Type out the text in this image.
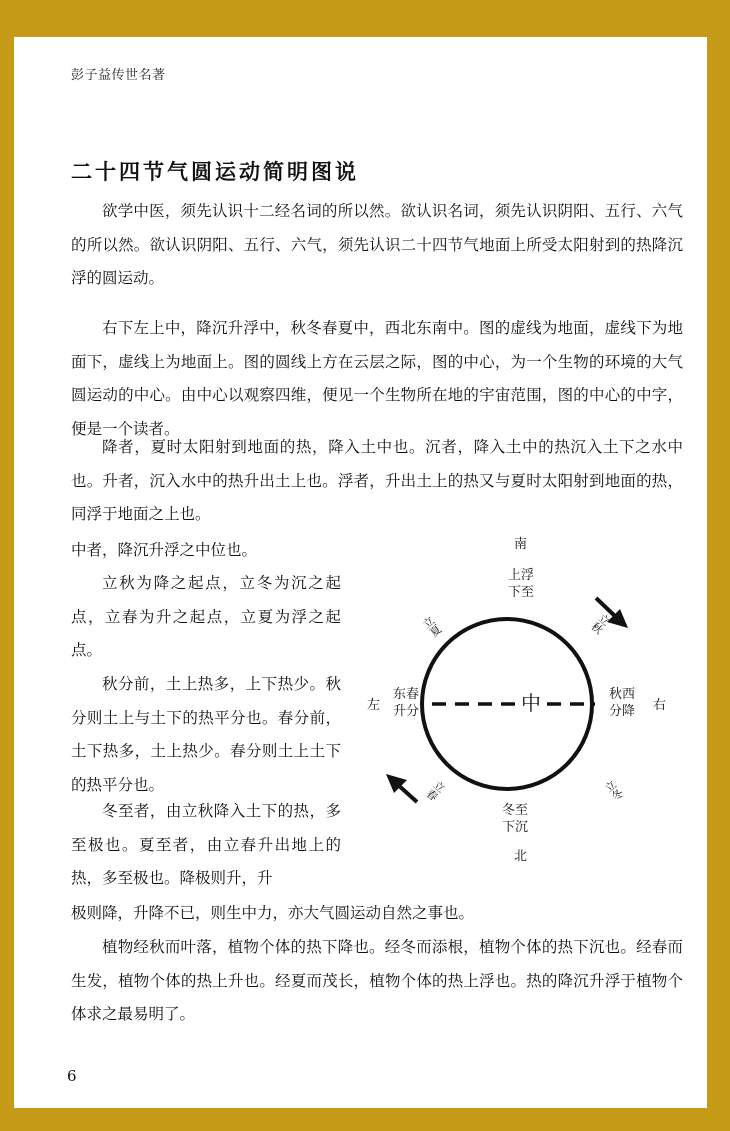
彭子益传世名著
二十四节气圆运动简明图说

欲学中医，须先认识十二经名词的所以然。欲认识名词，须先认识阴阳、五行、六气的所以然。欲认识阴阳、五行、六气，须先认识二十四节气地面上所受太阳射到的热降沉浮的圆运动。

右下左上中，降沉升浮中，秋冬春夏中，西北东南中。图的虚线为地面，虚线下为地面下，虚线上为地面上。图的圆线上方在云层之际，图的中心，为一个生物的环境的大气圆运动的中心。由中心以观察四维，便见一个生物所在地的宇宙范围，图的中心的中字，便是一个读者。

降者，夏时太阳射到地面的热，降入土中也。沉者，降入土中的热沉入土下之水中也。升者，沉入水中的热升出土上也。浮者，升出土上的热又与夏时太阳射到地面的热，同浮于地面之上也。

中者，降沉升浮之中位也。

立秋为降之起点，立冬为沉之起点，立春为升之起点，立夏为浮之起点。

秋分前，土上热多，上下热少。秋分则土上与土下的热平分也。春分前，土下热多，土上热少。春分则土上土下的热平分也。

冬至者，由立秋降入土下的热，多至极也。夏至者，由立春升出地上的热，多至极也。降极则升，升

极则降，升降不已，则生中力，亦大气圆运动自然之事也。

植物经秋而叶落，植物个体的热下降也。经冬而添根，植物个体的热下沉也。经春而生发，植物个体的热上升也。经夏而茂长，植物个体的热上浮也。热的降沉升浮于植物个体求之最易明了。

南
上浮
下至
冬至
下沉
北
左	右
东春
升分
秋西
分降
中
立夏	立秋
立春	立冬
6
